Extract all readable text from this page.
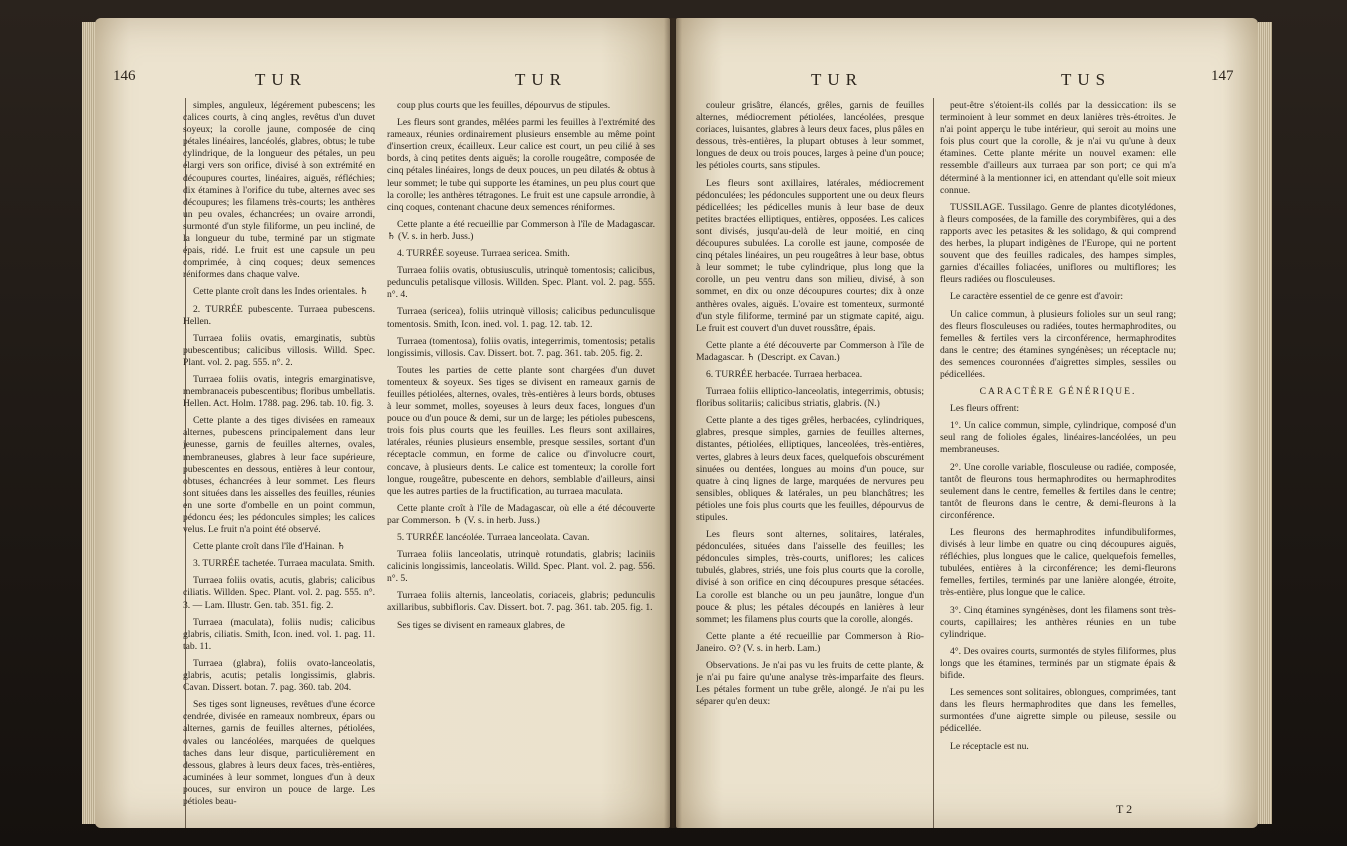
146	TUR	TUR

simples, anguleux, légérement pubescens; les calices courts, à cinq angles, revêtus d'un duvet soyeux; la corolle jaune, composée de cinq pétales linéaires, lancéolés, glabres, obtus; le tube cylindrique, de la longueur des pétales, un peu élargi vers son orifice, divisé à son extrémité en découpures courtes, linéaires, aiguës, réfléchies; dix étamines à l'orifice du tube, alternes avec ses découpures; les filamens très-courts; les anthères un peu ovales, échancrées; un ovaire arrondi, surmonté d'un style filiforme, un peu incliné, de la longueur du tube, terminé par un stigmate épais, ridé. Le fruit est une capsule un peu comprimée, à cinq coques; deux semences réniformes dans chaque valve.

Cette plante croît dans les Indes orientales. ♄

2. TURRÉE pubescente. Turraea pubescens. Hellen.

Turraea foliis ovatis, emarginatis, subtùs pubescentibus; calicibus villosis. Willd. Spec. Plant. vol. 2. pag. 555. n°. 2.

Turraea foliis ovatis, integris emarginatisve, membranaceis pubescentibus; floribus umbellatis. Hellen. Act. Holm. 1788. pag. 296. tab. 10. fig. 3.

Cette plante a des tiges divisées en rameaux alternes, pubescens principalement dans leur jeunesse, garnis de feuilles alternes, ovales, membraneuses, glabres à leur face supérieure, pubescentes en dessous, entières à leur contour, obtuses, échancrées à leur sommet. Les fleurs sont situées dans les aisselles des feuilles, réunies en une sorte d'ombelle en un point commun, pédoncu ées; les pédoncules simples; les calices velus. Le fruit n'a point été observé.

Cette plante croît dans l'île d'Hainan. ♄

3. TURRÉE tachetée. Turraea maculata. Smith.

Turraea foliis ovatis, acutis, glabris; calicibus ciliatis. Willden. Spec. Plant. vol. 2. pag. 555. n°. 3. — Lam. Illustr. Gen. tab. 351. fig. 2.

Turraea (maculata), foliis nudis; calicibus glabris, ciliatis. Smith, Icon. ined. vol. 1. pag. 11. tab. 11.

Turraea (glabra), foliis ovato-lanceolatis, glabris, acutis; petalis longissimis, glabris. Cavan. Dissert. botan. 7. pag. 360. tab. 204.

Ses tiges sont ligneuses, revêtues d'une écorce cendrée, divisée en rameaux nombreux, épars ou alternes, garnis de feuilles alternes, pétiolées, ovales ou lancéolées, marquées de quelques taches dans leur disque, particulièrement en dessous, glabres à leurs deux faces, très-entières, acuminées à leur sommet, longues d'un à deux pouces, sur environ un pouce de large. Les pétioles beau-

coup plus courts que les feuilles, dépourvus de stipules.

Les fleurs sont grandes, mêlées parmi les feuilles à l'extrémité des rameaux, réunies ordinairement plusieurs ensemble au même point d'insertion creux, écailleux. Leur calice est court, un peu cilié à ses bords, à cinq petites dents aiguës; la corolle rougeâtre, composée de cinq pétales linéaires, longs de deux pouces, un peu dilatés & obtus à leur sommet; le tube qui supporte les étamines, un peu plus court que la corolle; les anthères tétragones. Le fruit est une capsule arrondie, à cinq coques, contenant chacune deux semences réniformes.

Cette plante a été recueillie par Commerson à l'île de Madagascar. ♄ (V. s. in herb. Juss.)

4. TURRÉE soyeuse. Turraea sericea. Smith.

Turraea foliis ovatis, obtusiusculis, utrinquè tomentosis; calicibus, pedunculis petalisque villosis. Willden. Spec. Plant. vol. 2. pag. 555. n°. 4.

Turraea (sericea), foliis utrinquè villosis; calicibus pedunculisque tomentosis. Smith, Icon. ined. vol. 1. pag. 12. tab. 12.

Turraea (tomentosa), foliis ovatis, integerrimis, tomentosis; petalis longissimis, villosis. Cav. Dissert. bot. 7. pag. 361. tab. 205. fig. 2.

Toutes les parties de cette plante sont chargées d'un duvet tomenteux & soyeux. Ses tiges se divisent en rameaux garnis de feuilles pétiolées, alternes, ovales, très-entières à leurs bords, obtuses à leur sommet, molles, soyeuses à leurs deux faces, longues d'un pouce ou d'un pouce & demi, sur un de large; les pétioles pubescens, trois fois plus courts que les feuilles. Les fleurs sont axillaires, latérales, réunies plusieurs ensemble, presque sessiles, sortant d'un réceptacle commun, en forme de calice ou d'involucre court, concave, à plusieurs dents. Le calice est tomenteux; la corolle fort longue, rougeâtre, pubescente en dehors, semblable d'ailleurs, ainsi que les autres parties de la fructification, au turraea maculata.

Cette plante croît à l'île de Madagascar, où elle a été découverte par Commerson. ♄ (V. s. in herb. Juss.)

5. TURRÉE lancéolée. Turraea lanceolata. Cavan.

Turraea foliis lanceolatis, utrinquè rotundatis, glabris; laciniis calicinis longissimis, lanceolatis. Willd. Spec. Plant. vol. 2. pag. 556. n°. 5.

Turraea foliis alternis, lanceolatis, coriaceis, glabris; pedunculis axillaribus, subbifloris. Cav. Dissert. bot. 7. pag. 361. tab. 205. fig. 1.

Ses tiges se divisent en rameaux glabres, de

TUR	TUS	147

couleur grisâtre, élancés, grêles, garnis de feuilles alternes, médiocrement pétiolées, lancéolées, presque coriaces, luisantes, glabres à leurs deux faces, plus pâles en dessous, très-entières, la plupart obtuses à leur sommet, longues de deux ou trois pouces, larges à peine d'un pouce; les pétioles courts, sans stipules.

Les fleurs sont axillaires, latérales, médiocrement pédonculées; les pédoncules supportent une ou deux fleurs pédicellées; les pédicelles munis à leur base de deux petites bractées elliptiques, entières, opposées. Les calices sont divisés, jusqu'au-delà de leur moitié, en cinq découpures subulées. La corolle est jaune, composée de cinq pétales linéaires, un peu rougeâtres à leur base, obtus à leur sommet; le tube cylindrique, plus long que la corolle, un peu ventru dans son milieu, divisé, à son sommet, en dix ou onze découpures courtes; dix à onze anthères ovales, aiguës. L'ovaire est tomenteux, surmonté d'un style filiforme, terminé par un stigmate capité, aigu. Le fruit est couvert d'un duvet roussâtre, épais.

Cette plante a été découverte par Commerson à l'île de Madagascar. ♄ (Descript. ex Cavan.)

6. TURRÉE herbacée. Turraea herbacea.

Turraea foliis elliptico-lanceolatis, integerrimis, obtusis; floribus solitariis; calicibus striatis, glabris. (N.)

Cette plante a des tiges grêles, herbacées, cylindriques, glabres, presque simples, garnies de feuilles alternes, distantes, pétiolées, elliptiques, lanceolées, très-entières, vertes, glabres à leurs deux faces, quelquefois obscurément sinuées ou dentées, longues au moins d'un pouce, sur quatre à cinq lignes de large, marquées de nervures peu sensibles, obliques & latérales, un peu blanchâtres; les pétioles une fois plus courts que les feuilles, dépourvus de stipules.

Les fleurs sont alternes, solitaires, latérales, pédonculées, situées dans l'aisselle des feuilles; les pédoncules simples, très-courts, uniflores; les calices tubulés, glabres, striés, une fois plus courts que la corolle, divisé à son orifice en cinq découpures presque sétacées. La corolle est blanche ou un peu jaunâtre, longue d'un pouce & plus; les pétales découpés en lanières à leur sommet; les filamens plus courts que la corolle, alongés.

Cette plante a été recueillie par Commerson à Rio-Janeiro. ⊙? (V. s. in herb. Lam.)

Observations. Je n'ai pas vu les fruits de cette plante, & je n'ai pu faire qu'une analyse très-imparfaite des fleurs. Les pétales forment un tube grêle, alongé. Je n'ai pu les séparer qu'en deux:

peut-être s'étoient-ils collés par la dessiccation: ils se terminoient à leur sommet en deux lanières très-étroites. Je n'ai point apperçu le tube intérieur, qui seroit au moins une fois plus court que la corolle, & je n'ai vu qu'une à deux étamines. Cette plante mérite un nouvel examen: elle ressemble d'ailleurs aux turraea par son port; ce qui m'a déterminé à la mentionner ici, en attendant qu'elle soit mieux connue.

TUSSILAGE. Tussilago. Genre de plantes dicotylédones, à fleurs composées, de la famille des corymbifères, qui a des rapports avec les petasites & les solidago, & qui comprend des herbes, la plupart indigènes de l'Europe, qui ne portent souvent que des feuilles radicales, des hampes simples, garnies d'écailles foliacées, uniflores ou multiflores; les fleurs radiées ou flosculeuses.

Le caractère essentiel de ce genre est d'avoir:

Un calice commun, à plusieurs folioles sur un seul rang; des fleurs flosculeuses ou radiées, toutes hermaphrodites, ou femelles & fertiles vers la circonférence, hermaphrodites dans le centre; des étamines syngénèses; un réceptacle nu; des semences couronnées d'aigrettes simples, sessiles ou pédicellées.

CARACTÈRE GÉNÉRIQUE.

Les fleurs offrent:

1°. Un calice commun, simple, cylindrique, composé d'un seul rang de folioles égales, linéaires-lancéolées, un peu membraneuses.

2°. Une corolle variable, flosculeuse ou radiée, composée, tantôt de fleurons tous hermaphrodites ou hermaphrodites seulement dans le centre, femelles & fertiles dans le centre; tantôt de fleurons dans le centre, & demi-fleurons à la circonférence.

Les fleurons des hermaphrodites infundibuliformes, divisés à leur limbe en quatre ou cinq découpures aiguës, réfléchies, plus longues que le calice, quelquefois femelles, tubulées, entières à la circonférence; les demi-fleurons femelles, fertiles, terminés par une lanière alongée, étroite, très-entière, plus longue que le calice.

3°. Cinq étamines syngénèses, dont les filamens sont très-courts, capillaires; les anthères réunies en un tube cylindrique.

4°. Des ovaires courts, surmontés de styles filiformes, plus longs que les étamines, terminés par un stigmate épais & bifide.

Les semences sont solitaires, oblongues, comprimées, tant dans les fleurs hermaphrodites que dans les femelles, surmontées d'une aigrette simple ou pileuse, sessile ou pédicellée.

Le réceptacle est nu.

T 2
